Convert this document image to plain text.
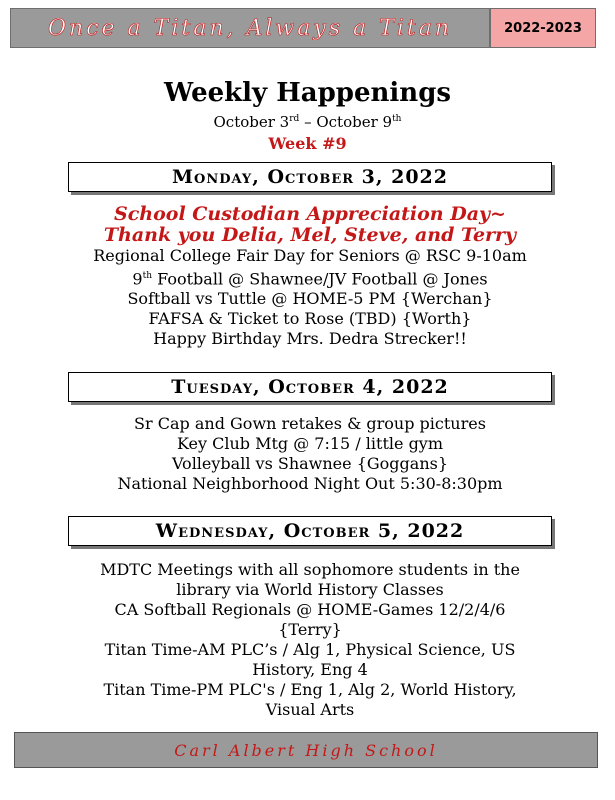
Once a Titan, Always a Titan	2022-2023
Weekly Happenings
October 3rd – October 9th
Week #9
Monday, October 3, 2022
School Custodian Appreciation Day~
Thank you Delia, Mel, Steve, and Terry
Regional College Fair Day for Seniors @ RSC 9-10am
9th Football @ Shawnee/JV Football @ Jones
Softball vs Tuttle @ HOME-5 PM {Werchan}
FAFSA & Ticket to Rose (TBD) {Worth}
Happy Birthday Mrs. Dedra Strecker!!
Tuesday, October 4, 2022
Sr Cap and Gown retakes & group pictures
Key Club Mtg @ 7:15 / little gym
Volleyball vs Shawnee {Goggans}
National Neighborhood Night Out 5:30-8:30pm
Wednesday, October 5, 2022
MDTC Meetings with all sophomore students in the
library via World History Classes
CA Softball Regionals @ HOME-Games 12/2/4/6
{Terry}
Titan Time-AM PLC’s / Alg 1, Physical Science, US
History, Eng 4
Titan Time-PM PLC's / Eng 1, Alg 2, World History,
Visual Arts
Carl Albert High School
